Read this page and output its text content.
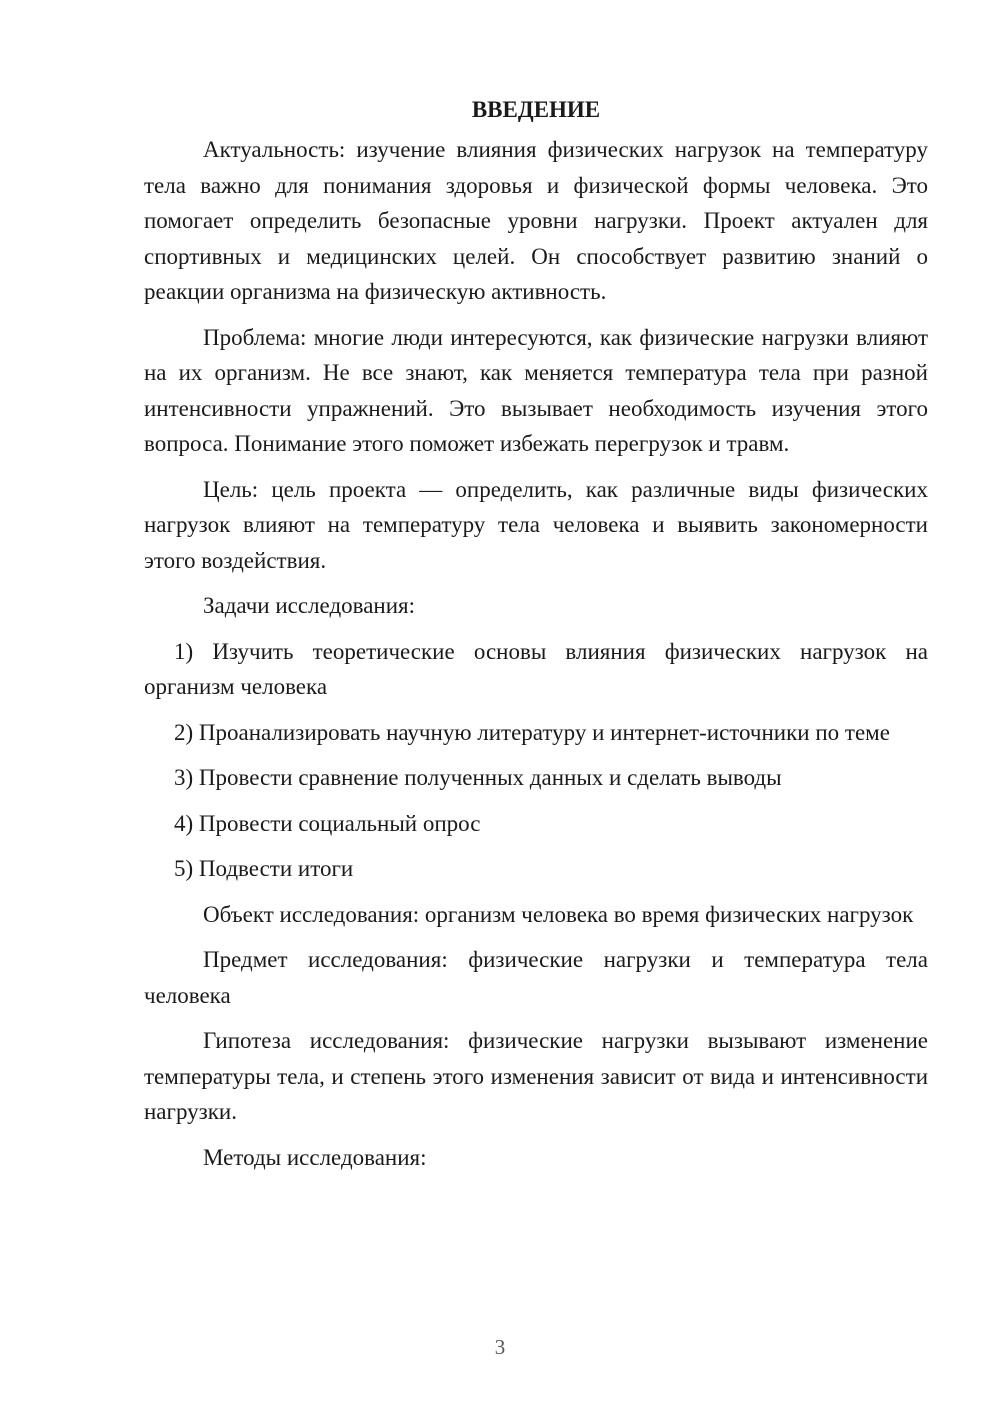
ВВЕДЕНИЕ

Актуальность: изучение влияния физических нагрузок на температуру тела важно для понимания здоровья и физической формы человека. Это помогает определить безопасные уровни нагрузки. Проект актуален для спортивных и медицинских целей. Он способствует развитию знаний о реакции организма на физическую активность.

Проблема: многие люди интересуются, как физические нагрузки влияют на их организм. Не все знают, как меняется температура тела при разной интенсивности упражнений. Это вызывает необходимость изучения этого вопроса. Понимание этого поможет избежать перегрузок и травм.

Цель: цель проекта — определить, как различные виды физических нагрузок влияют на температуру тела человека и выявить закономерности этого воздействия.

Задачи исследования:

1) Изучить теоретические основы влияния физических нагрузок на организм человека

2) Проанализировать научную литературу и интернет-источники по теме

3) Провести сравнение полученных данных и сделать выводы

4) Провести социальный опрос

5) Подвести итоги

Объект исследования: организм человека во время физических нагрузок

Предмет исследования: физические нагрузки и температура тела человека

Гипотеза исследования: физические нагрузки вызывают изменение температуры тела, и степень этого изменения зависит от вида и интенсивности нагрузки.

Методы исследования:

3
